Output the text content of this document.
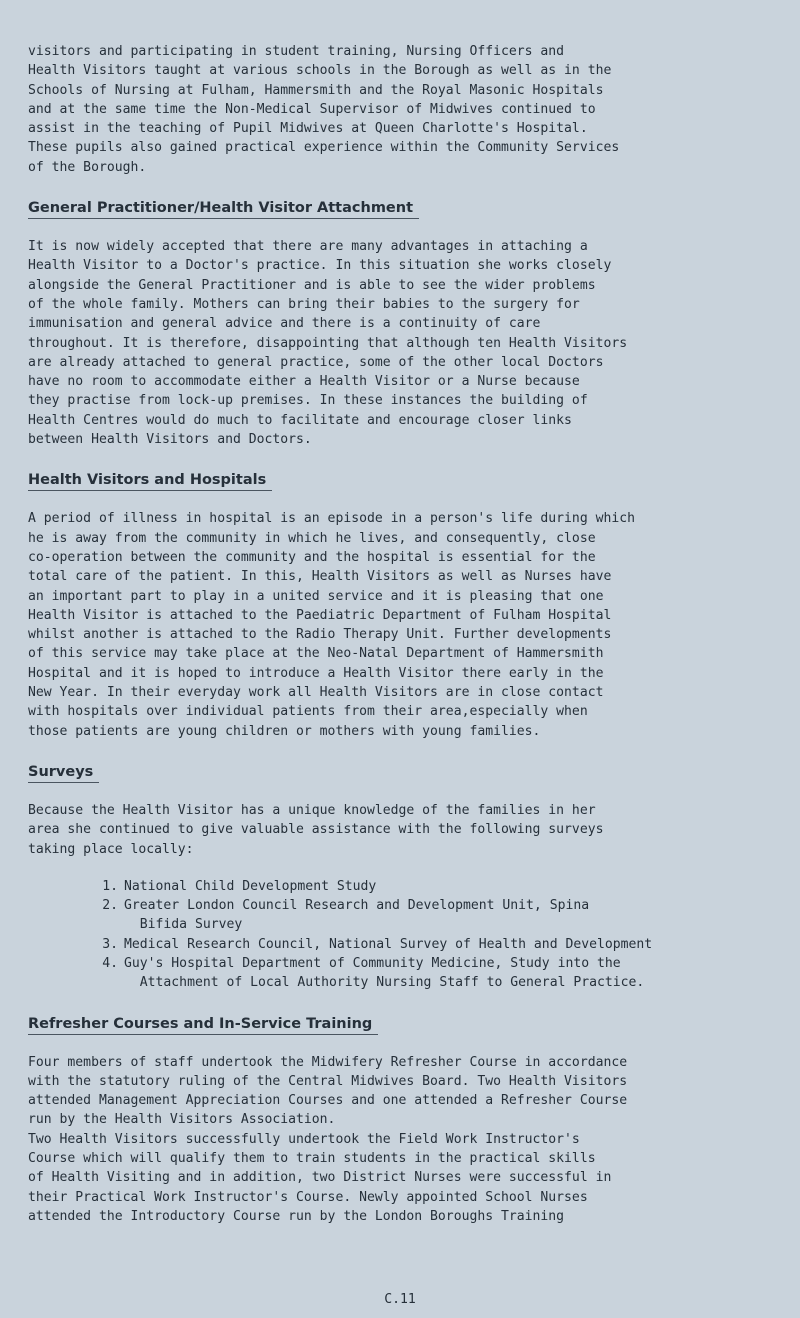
visitors and participating in student training, Nursing Officers and
Health Visitors taught at various schools in the Borough as well as in the
Schools of Nursing at Fulham, Hammersmith and the Royal Masonic Hospitals
and at the same time the Non-Medical Supervisor of Midwives continued to
assist in the teaching of Pupil Midwives at Queen Charlotte's Hospital.
These pupils also gained practical experience within the Community Services
of the Borough.

General Practitioner/Health Visitor Attachment

It is now widely accepted that there are many advantages in attaching a
Health Visitor to a Doctor's practice. In this situation she works closely
alongside the General Practitioner and is able to see the wider problems
of the whole family. Mothers can bring their babies to the surgery for
immunisation and general advice and there is a continuity of care
throughout. It is therefore, disappointing that although ten Health Visitors
are already attached to general practice, some of the other local Doctors
have no room to accommodate either a Health Visitor or a Nurse because
they practise from lock-up premises. In these instances the building of
Health Centres would do much to facilitate and encourage closer links
between Health Visitors and Doctors.

Health Visitors and Hospitals

A period of illness in hospital is an episode in a person's life during which
he is away from the community in which he lives, and consequently, close
co-operation between the community and the hospital is essential for the
total care of the patient. In this, Health Visitors as well as Nurses have
an important part to play in a united service and it is pleasing that one
Health Visitor is attached to the Paediatric Department of Fulham Hospital
whilst another is attached to the Radio Therapy Unit. Further developments
of this service may take place at the Neo-Natal Department of Hammersmith
Hospital and it is hoped to introduce a Health Visitor there early in the
New Year. In their everyday work all Health Visitors are in close contact
with hospitals over individual patients from their area,especially when
those patients are young children or mothers with young families.

Surveys

Because the Health Visitor has a unique knowledge of the families in her
area she continued to give valuable assistance with the following surveys
taking place locally:

1. National Child Development Study

2. Greater London Council Research and Development Unit, Spina
Bifida Survey

3. Medical Research Council, National Survey of Health and Development

4. Guy's Hospital Department of Community Medicine, Study into the
Attachment of Local Authority Nursing Staff to General Practice.

Refresher Courses and In-Service Training

Four members of staff undertook the Midwifery Refresher Course in accordance
with the statutory ruling of the Central Midwives Board. Two Health Visitors
attended Management Appreciation Courses and one attended a Refresher Course
run by the Health Visitors Association.
Two Health Visitors successfully undertook the Field Work Instructor's
Course which will qualify them to train students in the practical skills
of Health Visiting and in addition, two District Nurses were successful in
their Practical Work Instructor's Course. Newly appointed School Nurses
attended the Introductory Course run by the London Boroughs Training

C.11
